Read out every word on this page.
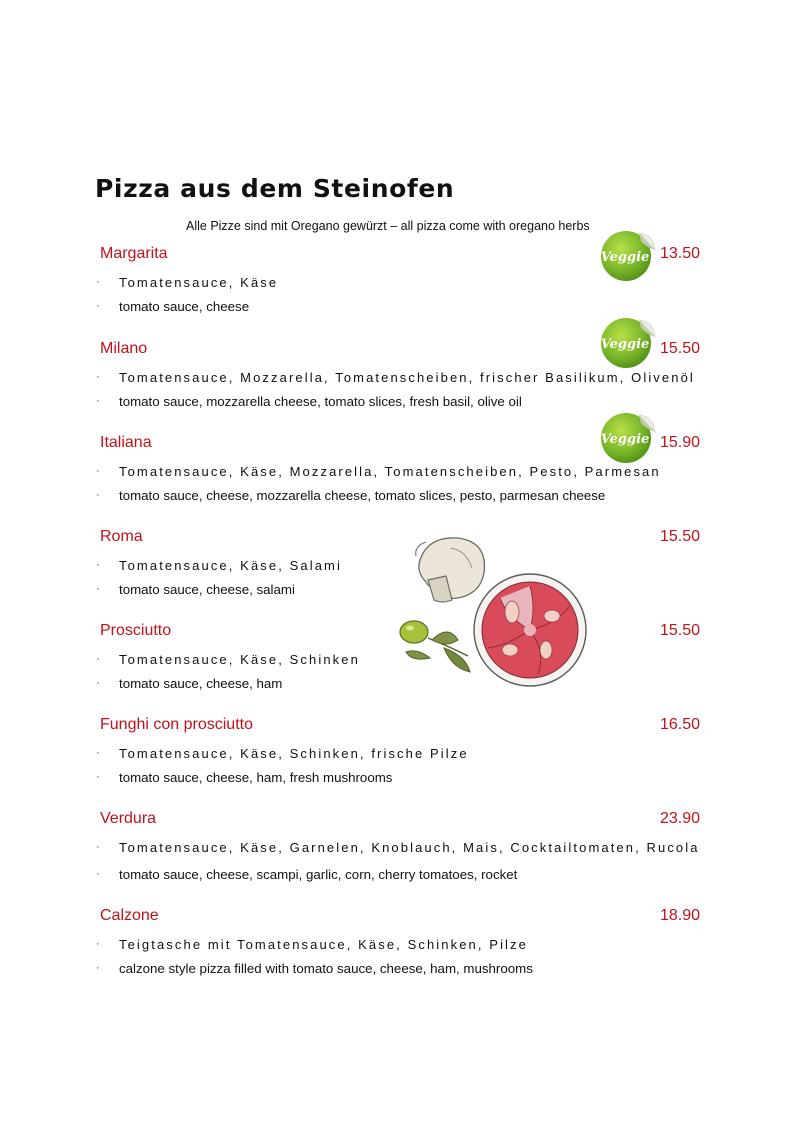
Pizza aus dem Steinofen
Alle Pizze sind mit Oregano gewürzt – all pizza come with oregano herbs
Margarita	13.50
· Tomatensauce, Käse
· tomato sauce, cheese
Milano	15.50
· Tomatensauce, Mozzarella, Tomatenscheiben, frischer Basilikum, Olivenöl
· tomato sauce, mozzarella cheese, tomato slices, fresh basil, olive oil
Italiana	15.90
· Tomatensauce, Käse, Mozzarella, Tomatenscheiben, Pesto, Parmesan
· tomato sauce, cheese, mozzarella cheese, tomato slices, pesto, parmesan cheese
Roma	15.50
· Tomatensauce, Käse, Salami
· tomato sauce, cheese, salami
Prosciutto	15.50
· Tomatensauce, Käse, Schinken
· tomato sauce, cheese, ham
Funghi con prosciutto	16.50
· Tomatensauce, Käse, Schinken, frische Pilze
· tomato sauce, cheese, ham, fresh mushrooms
Verdura	23.90
· Tomatensauce, Käse, Garnelen, Knoblauch, Mais, Cocktailtomaten, Rucola
· tomato sauce, cheese, scampi, garlic, corn, cherry tomatoes, rocket
Calzone	18.90
· Teigtasche mit Tomatensauce, Käse, Schinken, Pilze
· calzone style pizza filled with tomato sauce, cheese, ham, mushrooms
Veggie
Veggie
Veggie
